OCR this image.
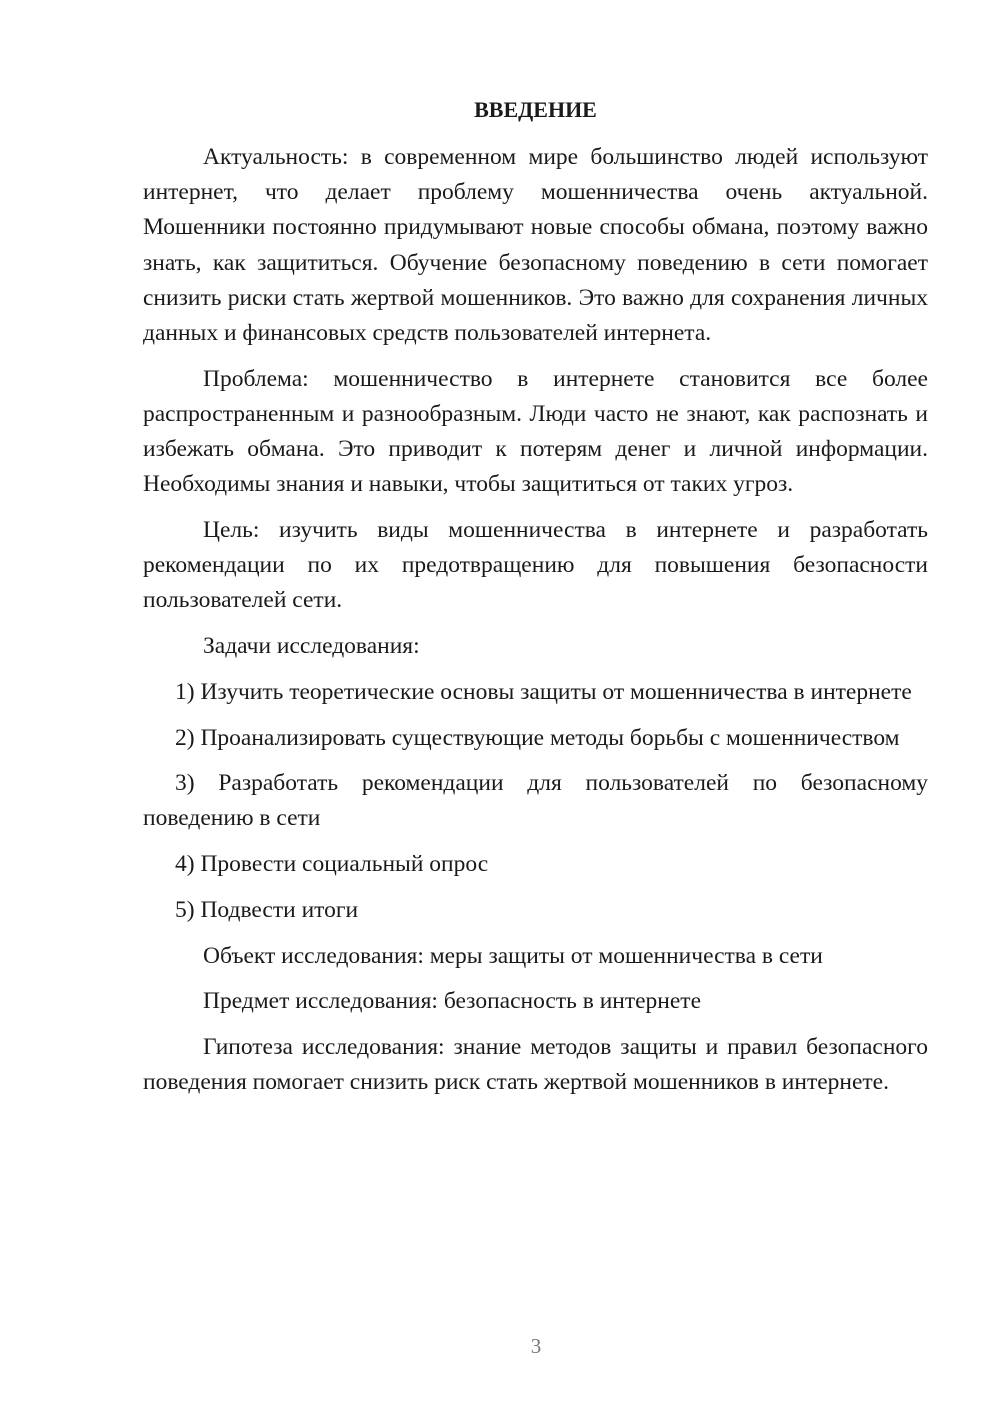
ВВЕДЕНИЕ

Актуальность: в современном мире большинство людей используют интернет, что делает проблему мошенничества очень актуальной. Мошенники постоянно придумывают новые способы обмана, поэтому важно знать, как защититься. Обучение безопасному поведению в сети помогает снизить риски стать жертвой мошенников. Это важно для сохранения личных данных и финансовых средств пользователей интернета.

Проблема: мошенничество в интернете становится все более распространенным и разнообразным. Люди часто не знают, как распознать и избежать обмана. Это приводит к потерям денег и личной информации. Необходимы знания и навыки, чтобы защититься от таких угроз.

Цель: изучить виды мошенничества в интернете и разработать рекомендации по их предотвращению для повышения безопасности пользователей сети.

Задачи исследования:

1) Изучить теоретические основы защиты от мошенничества в интернете

2) Проанализировать существующие методы борьбы с мошенничеством

3) Разработать рекомендации для пользователей по безопасному поведению в сети

4) Провести социальный опрос

5) Подвести итоги

Объект исследования: меры защиты от мошенничества в сети

Предмет исследования: безопасность в интернете

Гипотеза исследования: знание методов защиты и правил безопасного поведения помогает снизить риск стать жертвой мошенников в интернете.

3
